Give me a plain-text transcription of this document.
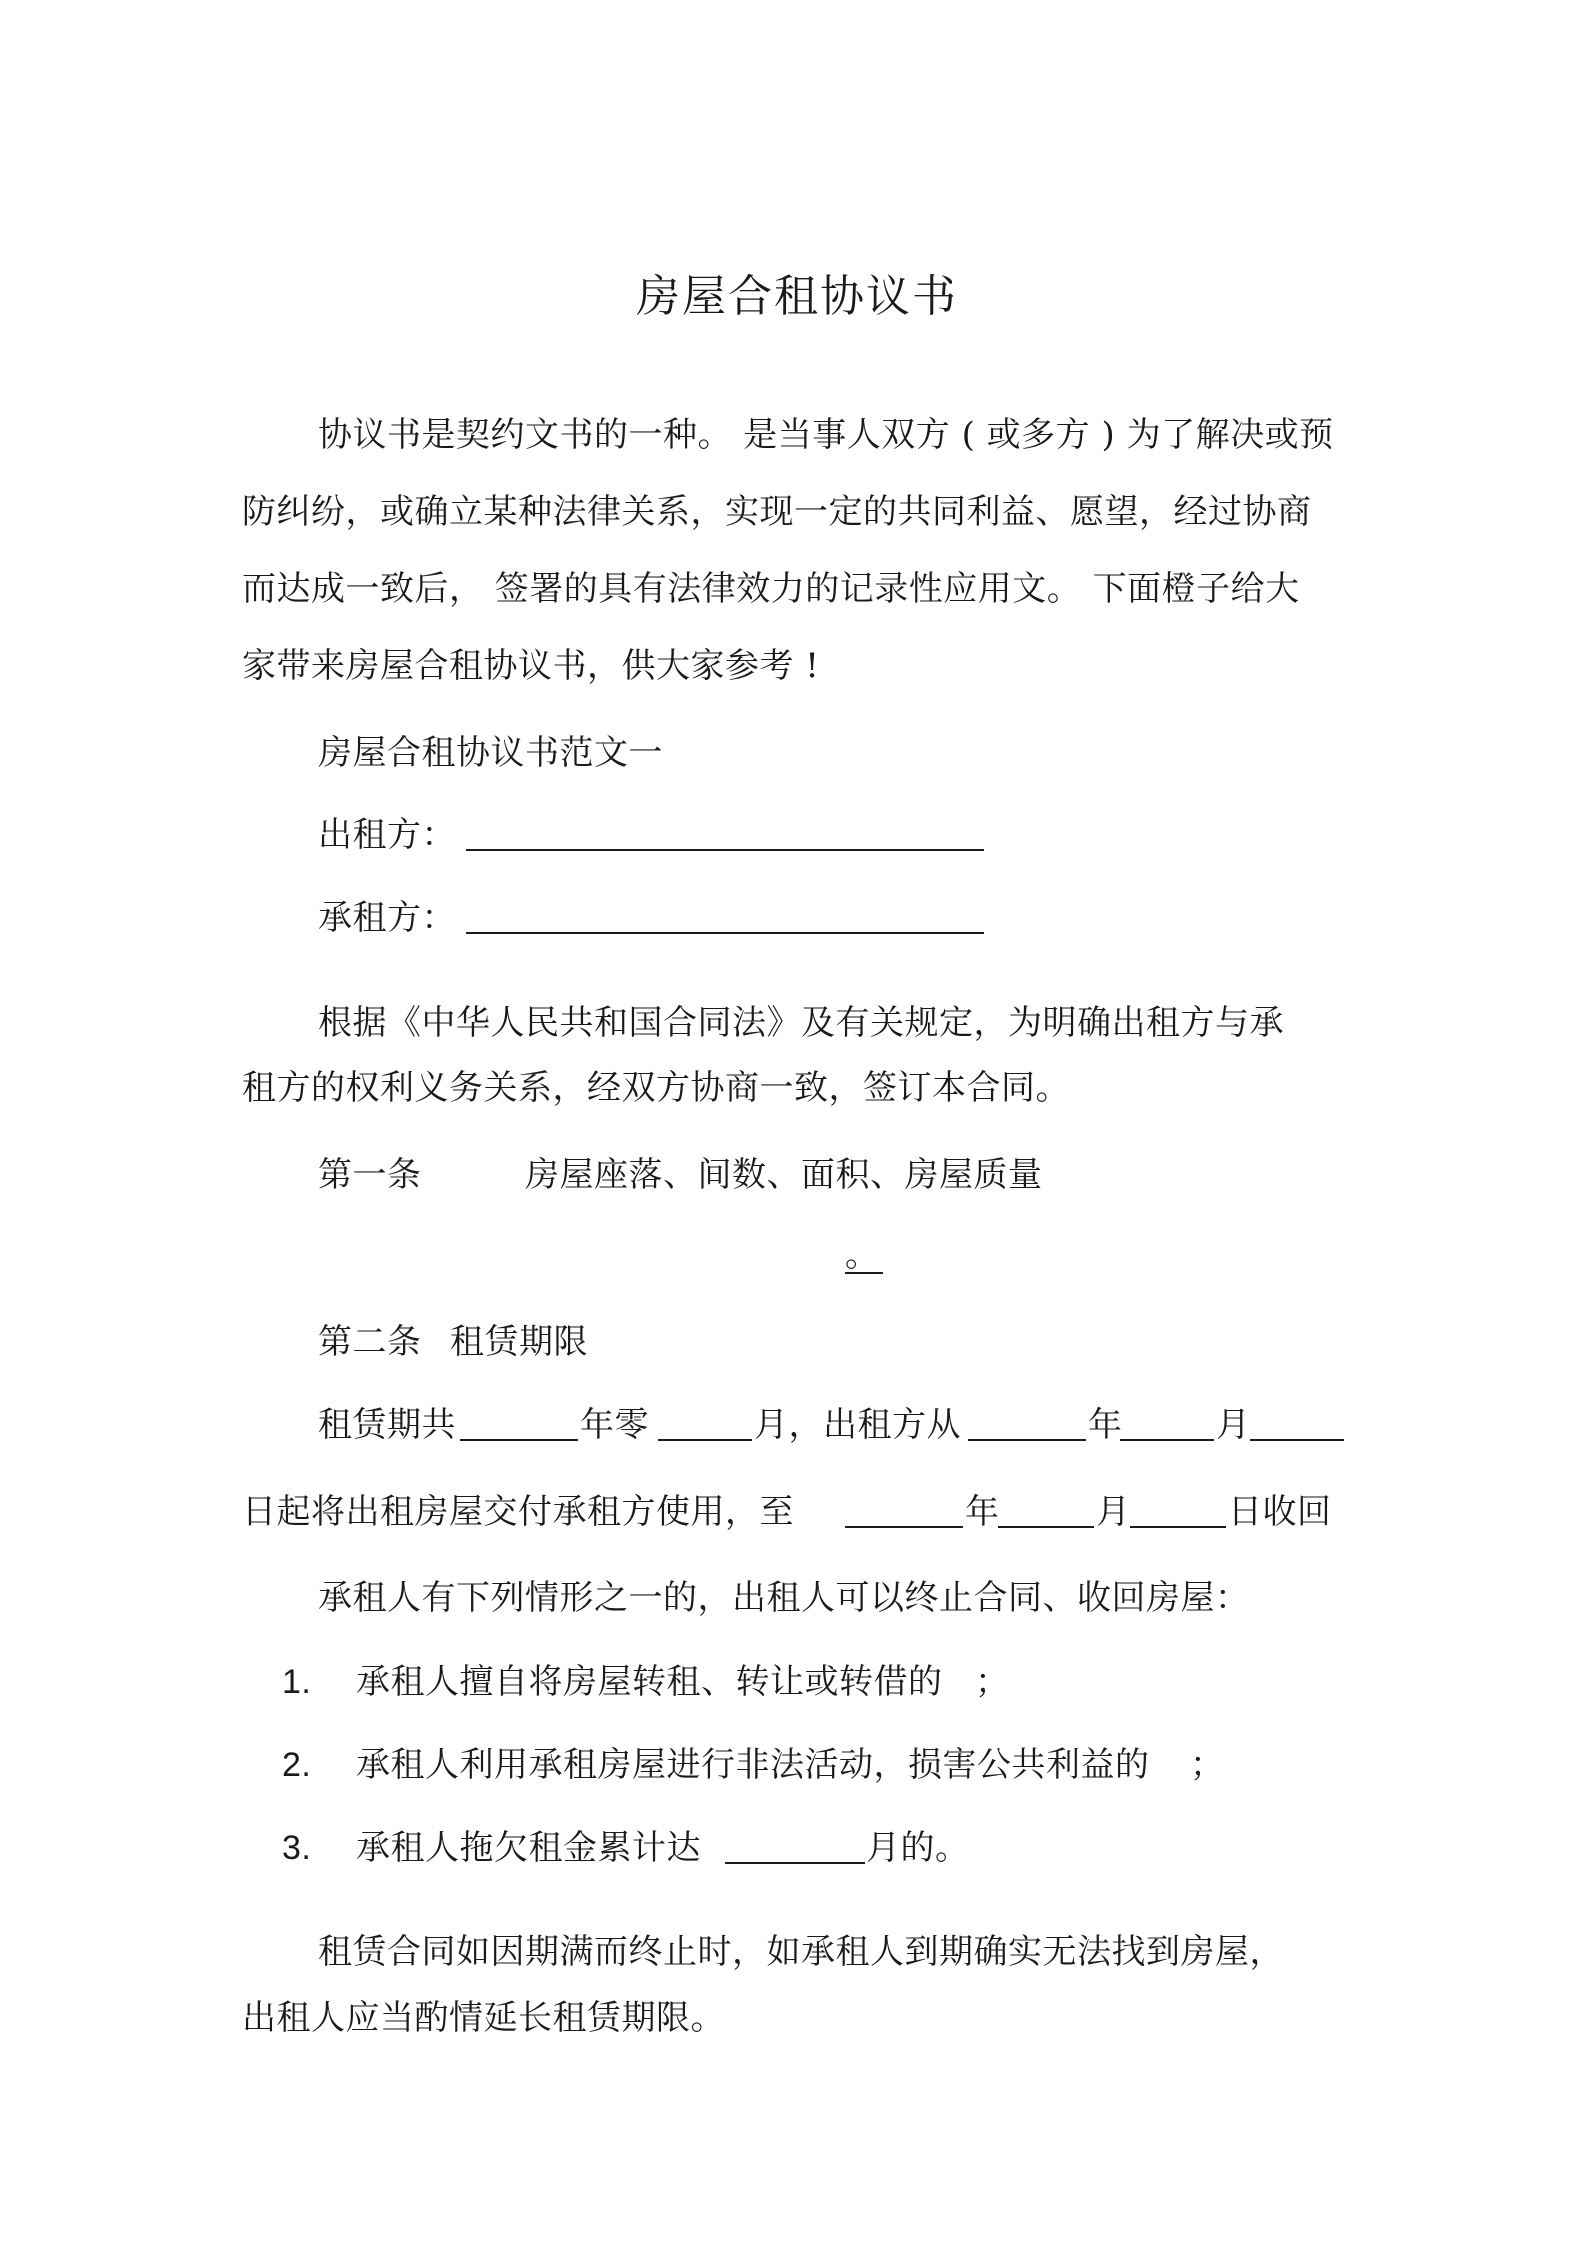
房屋合租协议书
协议书是契约文书的一种。 是当事人双方 ( 或多方 ) 为了解决或预
防纠纷，或确立某种法律关系，实现一定的共同利益、愿望，经过协商
而达成一致后， 签署的具有法律效力的记录性应用文。 下面橙子给大
家带来房屋合租协议书，供大家参考 !
房屋合租协议书范文一
出租方：
承租方：
根据《中华人民共和国合同法》及有关规定，为明确出租方与承
租方的权利义务关系，经双方协商一致，签订本合同。
第一条	房屋座落、间数、面积、房屋质量
。
第二条 租赁期限
租赁期共	年零	月，出租方从	年	月
日起将出租房屋交付承租方使用，至	年	月	日收回
承租人有下列情形之一的，出租人可以终止合同、收回房屋：
1. 承租人擅自将房屋转租、转让或转借的 ；
2. 承租人利用承租房屋进行非法活动，损害公共利益的 ；
3. 承租人拖欠租金累计达	月的。
租赁合同如因期满而终止时，如承租人到期确实无法找到房屋，
出租人应当酌情延长租赁期限。
